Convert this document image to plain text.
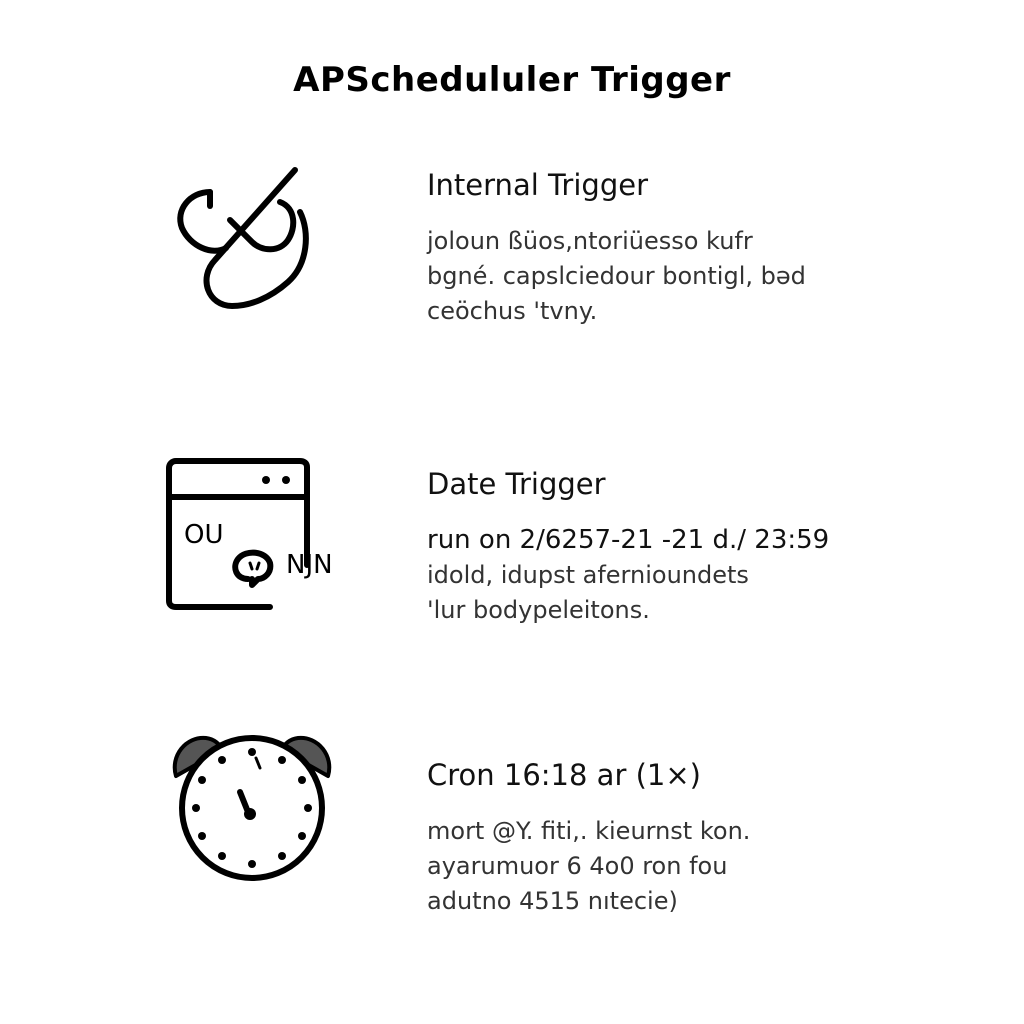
APSchedululer Trigger
Internal Trigger
joloun ßüos,ntoriüesso kufr
bgné. capslciedour bontigl, bəd
ceöchus 'tvny.
OU
NJN
Date Trigger
run on 2/6257-21 -21 d./ 23:59
idold, idupst afernioundets
'lur bodypeleitons.
Cron 16:18 ar (1×)
mort @Y. fiti,. kieurnst kon.
aуаrumuor 6 4o0 ron fou
adutno 4515 nıtecie)
